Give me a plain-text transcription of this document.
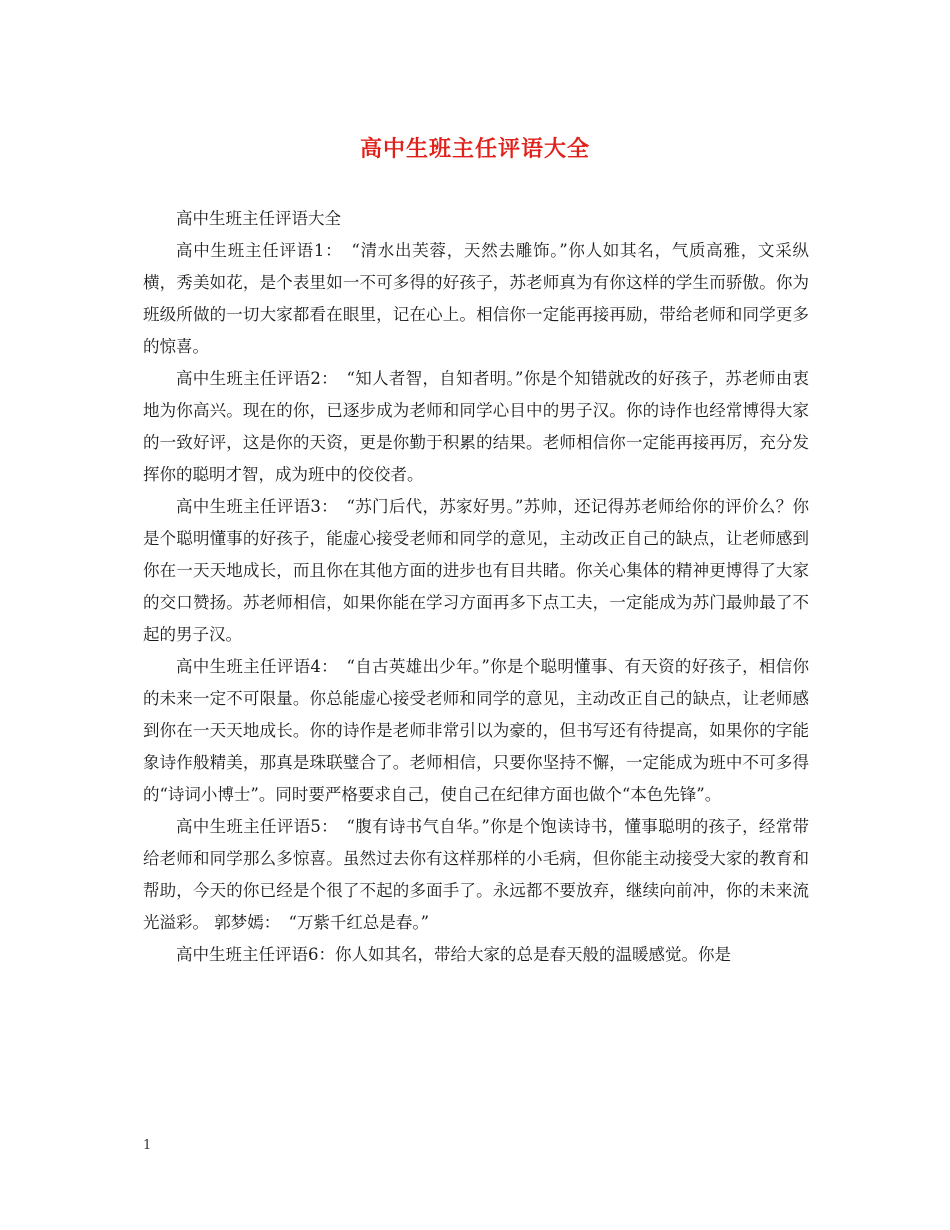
高中生班主任评语大全

高中生班主任评语大全

高中生班主任评语1：　“清水出芙蓉，天然去雕饰。”你人如其名，气质高雅，文采纵横，秀美如花，是个表里如一不可多得的好孩子，苏老师真为有你这样的学生而骄傲。你为班级所做的一切大家都看在眼里，记在心上。相信你一定能再接再励，带给老师和同学更多的惊喜。

高中生班主任评语2：　“知人者智，自知者明。”你是个知错就改的好孩子，苏老师由衷地为你高兴。现在的你，已逐步成为老师和同学心目中的男子汉。你的诗作也经常博得大家的一致好评，这是你的天资，更是你勤于积累的结果。老师相信你一定能再接再厉，充分发挥你的聪明才智，成为班中的佼佼者。

高中生班主任评语3：　“苏门后代，苏家好男。”苏帅，还记得苏老师给你的评价么？你是个聪明懂事的好孩子，能虚心接受老师和同学的意见，主动改正自己的缺点，让老师感到你在一天天地成长，而且你在其他方面的进步也有目共睹。你关心集体的精神更博得了大家的交口赞扬。苏老师相信，如果你能在学习方面再多下点工夫，一定能成为苏门最帅最了不起的男子汉。

高中生班主任评语4：　“自古英雄出少年。”你是个聪明懂事、有天资的好孩子，相信你的未来一定不可限量。你总能虚心接受老师和同学的意见，主动改正自己的缺点，让老师感到你在一天天地成长。你的诗作是老师非常引以为豪的，但书写还有待提高，如果你的字能象诗作般精美，那真是珠联璧合了。老师相信，只要你坚持不懈，一定能成为班中不可多得的“诗词小博士”。同时要严格要求自己，使自己在纪律方面也做个“本色先锋”。

高中生班主任评语5：　“腹有诗书气自华。”你是个饱读诗书，懂事聪明的孩子，经常带给老师和同学那么多惊喜。虽然过去你有这样那样的小毛病，但你能主动接受大家的教育和帮助，今天的你已经是个很了不起的多面手了。永远都不要放弃，继续向前冲，你的未来流光溢彩。 郭梦嫣：　“万紫千红总是春。”

高中生班主任评语6：你人如其名，带给大家的总是春天般的温暖感觉。你是

1
